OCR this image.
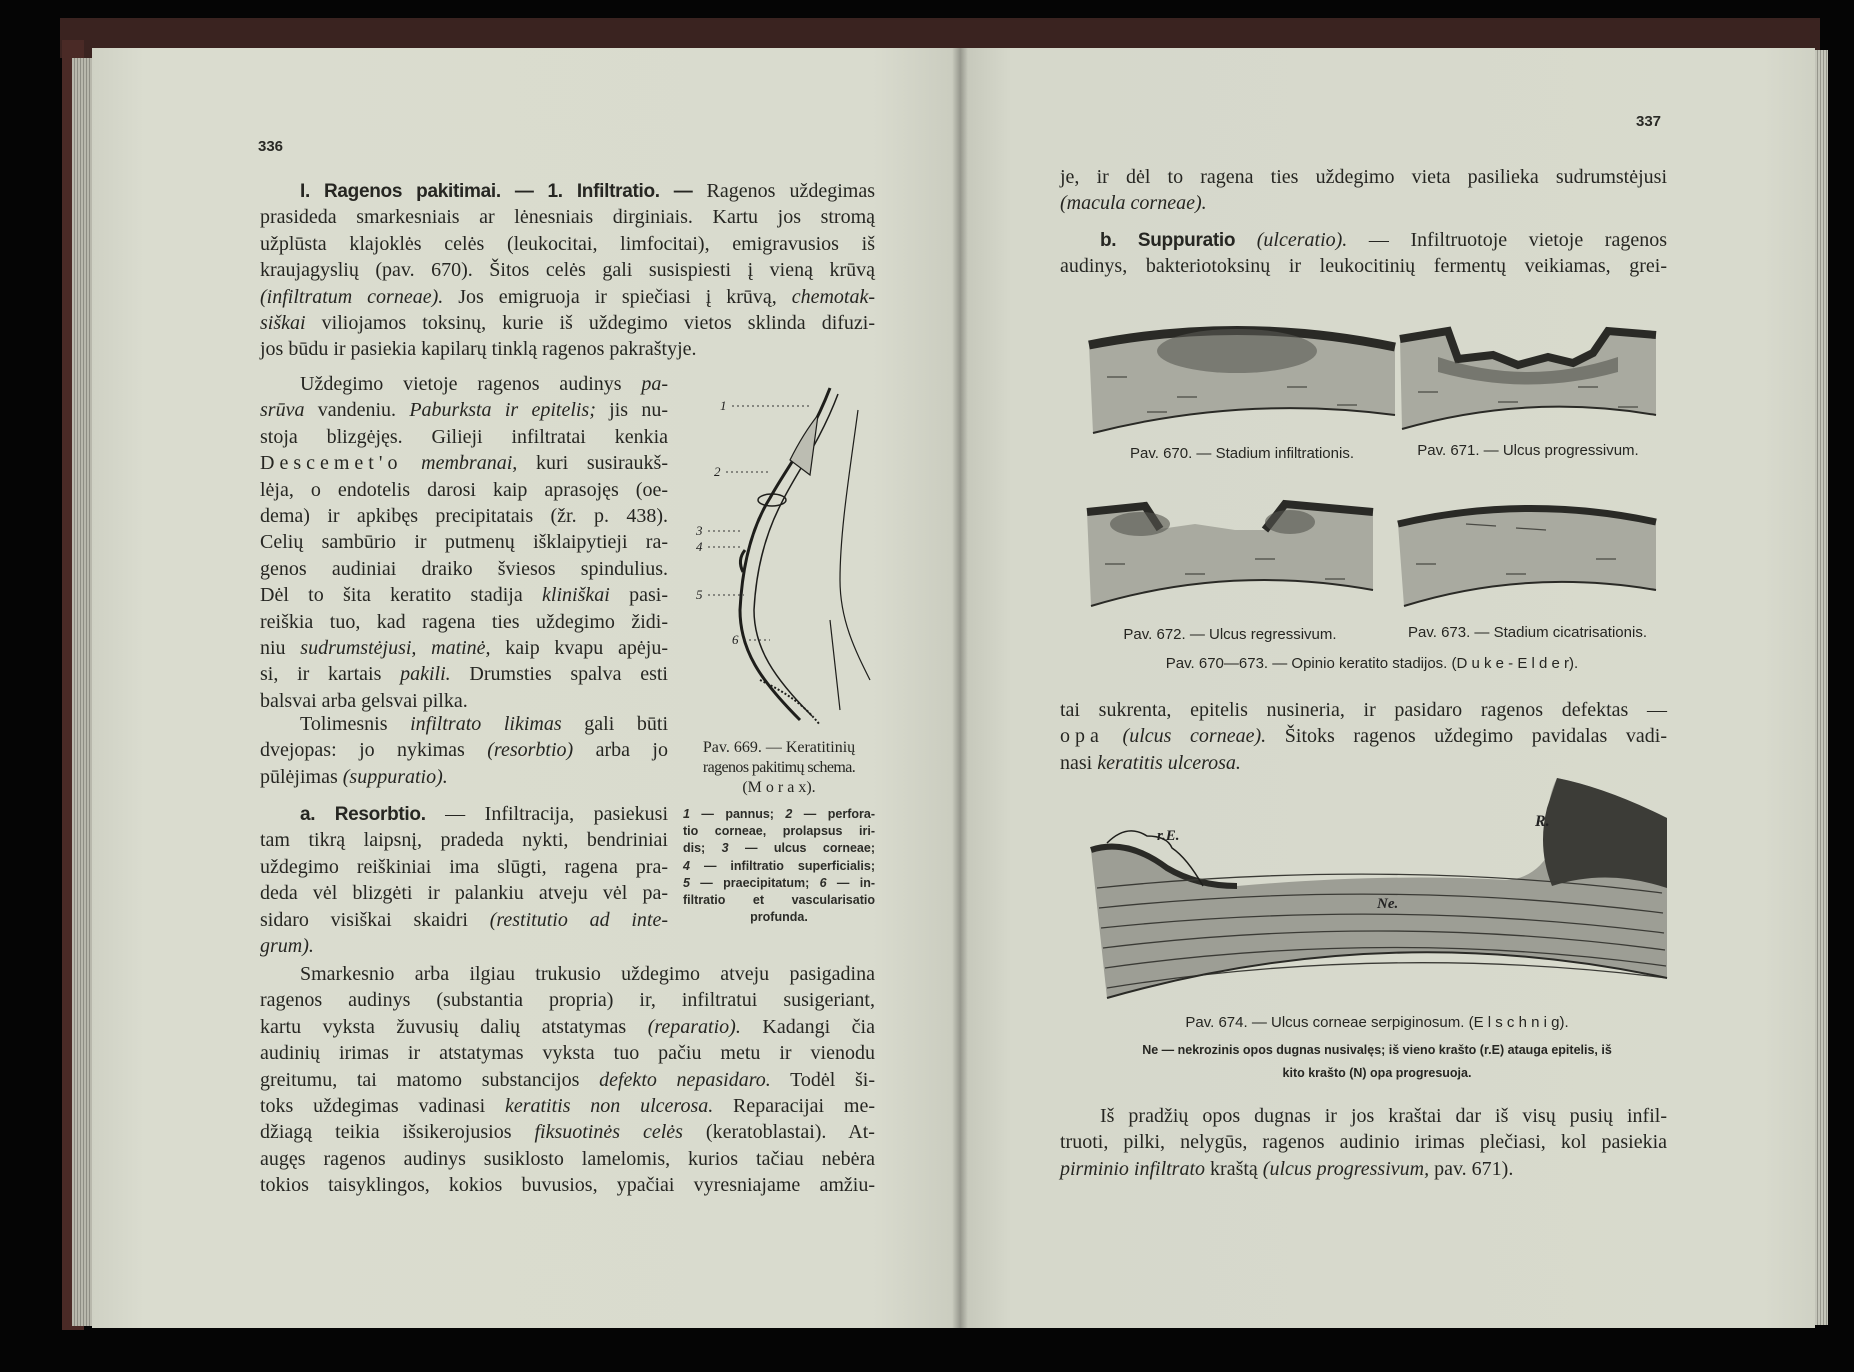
336
I. Ragenos pakitimai. — 1. Infiltratio. — Ragenos uždegimas
prasideda smarkesniais ar lėnesniais dirginiais. Kartu jos stromą
užplūsta klajoklės celės (leukocitai, limfocitai), emigravusios iš
kraujagyslių (pav. 670). Šitos celės gali susispiesti į vieną krūvą
(infiltratum corneae). Jos emigruoja ir spiečiasi į krūvą, chemotak-
siškai viliojamos toksinų, kurie iš uždegimo vietos sklinda difuzi-
jos būdu ir pasiekia kapilarų tinklą ragenos pakraštyje.
Uždegimo vietoje ragenos audinys pa-
srūva vandeniu. Paburksta ir epitelis; jis nu-
stoja blizgėjęs. Gilieji infiltratai kenkia
Descemet'o membranai, kuri susiraukš-
lėja, o endotelis darosi kaip aprasojęs (oe-
dema) ir apkibęs precipitatais (žr. p. 438).
Celių sambūrio ir putmenų išklaipytieji ra-
genos audiniai draiko šviesos spindulius.
Dėl to šita keratito stadija kliniškai pasi-
reiškia tuo, kad ragena ties uždegimo židi-
niu sudrumstėjusi, matinė, kaip kvapu apėju-
si, ir kartais pakili. Drumsties spalva esti
balsvai arba gelsvai pilka.
Tolimesnis infiltrato likimas gali būti
dvejopas: jo nykimas (resorbtio) arba jo
pūlėjimas (suppuratio).
a. Resorbtio. — Infiltracija, pasiekusi
tam tikrą laipsnį, pradeda nykti, bendriniai
uždegimo reiškiniai ima slūgti, ragena pra-
deda vėl blizgėti ir palankiu atveju vėl pa-
sidaro visiškai skaidri (restitutio ad inte-
grum).
Smarkesnio arba ilgiau trukusio uždegimo atveju pasigadina
ragenos audinys (substantia propria) ir, infiltratui susigeriant,
kartu vyksta žuvusių dalių atstatymas (reparatio). Kadangi čia
audinių irimas ir atstatymas vyksta tuo pačiu metu ir vienodu
greitumu, tai matomo substancijos defekto nepasidaro. Todėl ši-
toks uždegimas vadinasi keratitis non ulcerosa. Reparacijai me-
džiagą teikia išsikerojusios fiksuotinės celės (keratoblastai). At-
augęs ragenos audinys susiklosto lamelomis, kurios tačiau nebėra
tokios taisyklingos, kokios buvusios, ypačiai vyresniajame amžiu-
1
2
3
4
5
6
Pav. 669. — Keratitinių
ragenos pakitimų schema.
(M o r a x).
1 — pannus; 2 — perfora-
tio corneae, prolapsus iri-
dis; 3 — ulcus corneae;
4 — infiltratio superficialis;
5 — praecipitatum; 6 — in-
filtratio et vascularisatio
profunda.
337
je, ir dėl to ragena ties uždegimo vieta pasilieka sudrumstėjusi
(macula corneae).
b. Suppuratio (ulceratio). — Infiltruotoje vietoje ragenos
audinys, bakteriotoksinų ir leukocitinių fermentų veikiamas, grei-
Pav. 670. — Stadium infiltrationis.	Pav. 671. — Ulcus progressivum.
Pav. 672. — Ulcus regressivum.	Pav. 673. — Stadium cicatrisationis.
Pav. 670—673. — Opinio keratito stadijos. (D u k e - E l d e r).
tai sukrenta, epitelis nusineria, ir pasidaro ragenos defektas —
opa (ulcus corneae). Šitoks ragenos uždegimo pavidalas vadi-
nasi keratitis ulcerosa.
r.E.
Ne.
R.
Pav. 674. — Ulcus corneae serpiginosum. (E l s c h n i g).
Ne — nekrozinis opos dugnas nusivalęs; iš vieno krašto (r.E) atauga epitelis, iš
kito krašto (N) opa progresuoja.
Iš pradžių opos dugnas ir jos kraštai dar iš visų pusių infil-
truoti, pilki, nelygūs, ragenos audinio irimas plečiasi, kol pasiekia
pirminio infiltrato kraštą (ulcus progressivum, pav. 671).
